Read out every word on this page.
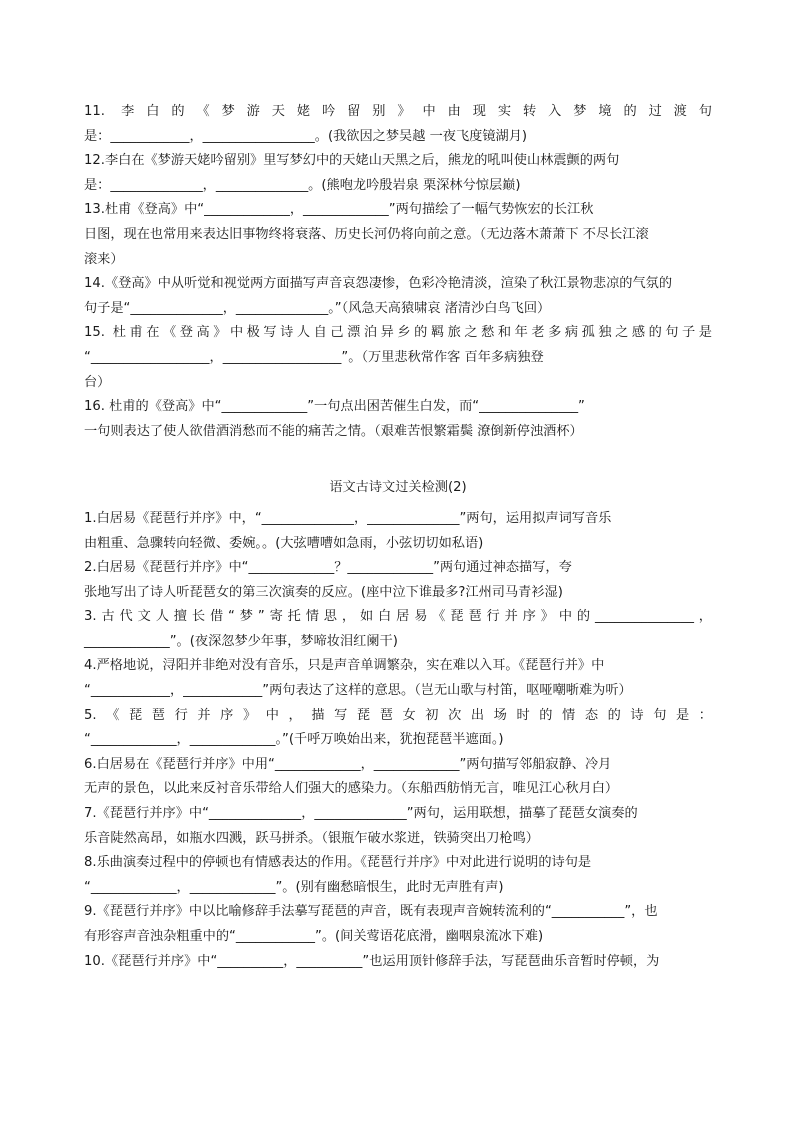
11. 李白的《梦游天姥吟留别》中由现实转入梦境的过渡句

是：____________，_________________。(我欲因之梦吴越 一夜飞度镜湖月)

12.李白在《梦游天姥吟留别》里写梦幻中的天姥山天黑之后，熊龙的吼叫使山林震颤的两句

是：______________，______________。(熊咆龙吟殷岩泉 栗深林兮惊层巅)

13.杜甫《登高》中“_____________，_____________”两句描绘了一幅气势恢宏的长江秋

日图，现在也常用来表达旧事物终将衰落、历史长河仍将向前之意。（无边落木萧萧下 不尽长江滚

滚来）

14.《登高》中从听觉和视觉两方面描写声音哀怨凄惨，色彩冷艳清淡，渲染了秋江景物悲凉的气氛的

句子是“______________，______________。”（风急天高猿啸哀 渚清沙白鸟飞回）

15. 杜甫在《登高》中极写诗人自己漂泊异乡的羁旅之愁和年老多病孤独之感的句子是

“__________________，__________________”。（万里悲秋常作客 百年多病独登

台）

16. 杜甫的《登高》中“_____________”一句点出困苦催生白发，而“_______________”

一句则表达了使人欲借酒消愁而不能的痛苦之情。（艰难苦恨繁霜鬓 潦倒新停浊酒杯）

语文古诗文过关检测(2)

1.白居易《琵琶行并序》中，“______________，______________”两句，运用拟声词写音乐

由粗重、急骤转向轻微、委婉。。(大弦嘈嘈如急雨，小弦切切如私语)

2.白居易《琵琶行并序》中“_____________？_____________”两句通过神态描写，夸

张地写出了诗人听琵琶女的第三次演奏的反应。(座中泣下谁最多?江州司马青衫湿)

3.古代文人擅长借“梦”寄托情思，如白居易《琵琶行并序》中的_______________，

_____________”。(夜深忽梦少年事，梦啼妆泪红阑干)

4.严格地说，浔阳并非绝对没有音乐，只是声音单调繁杂，实在难以入耳。《琵琶行并》中

“____________，____________”两句表达了这样的意思。（岂无山歌与村笛，呕哑嘲哳难为听）

5.《琵琶行并序》中，描写琵琶女初次出场时的情态的诗句是：

“_____________，_____________。”(千呼万唤始出来，犹抱琵琶半遮面。)

6.白居易在《琵琶行并序》中用“_____________，_____________”两句描写邻船寂静、冷月

无声的景色，以此来反衬音乐带给人们强大的感染力。（东船西舫悄无言，唯见江心秋月白）

7.《琵琶行并序》中“______________，______________”两句，运用联想，描摹了琵琶女演奏的

乐音陡然高昂，如瓶水四溅，跃马拼杀。（银瓶乍破水浆迸，铁骑突出刀枪鸣）

8.乐曲演奏过程中的停顿也有情感表达的作用。《琵琶行并序》中对此进行说明的诗句是

“_____________，_____________”。(别有幽愁暗恨生，此时无声胜有声)

9.《琵琶行并序》中以比喻修辞手法摹写琵琶的声音，既有表现声音婉转流利的“___________”，也

有形容声音浊杂粗重中的“____________”。(间关莺语花底滑，幽咽泉流冰下难)

10.《琵琶行并序》中“__________，__________”也运用顶针修辞手法，写琵琶曲乐音暂时停顿，为
